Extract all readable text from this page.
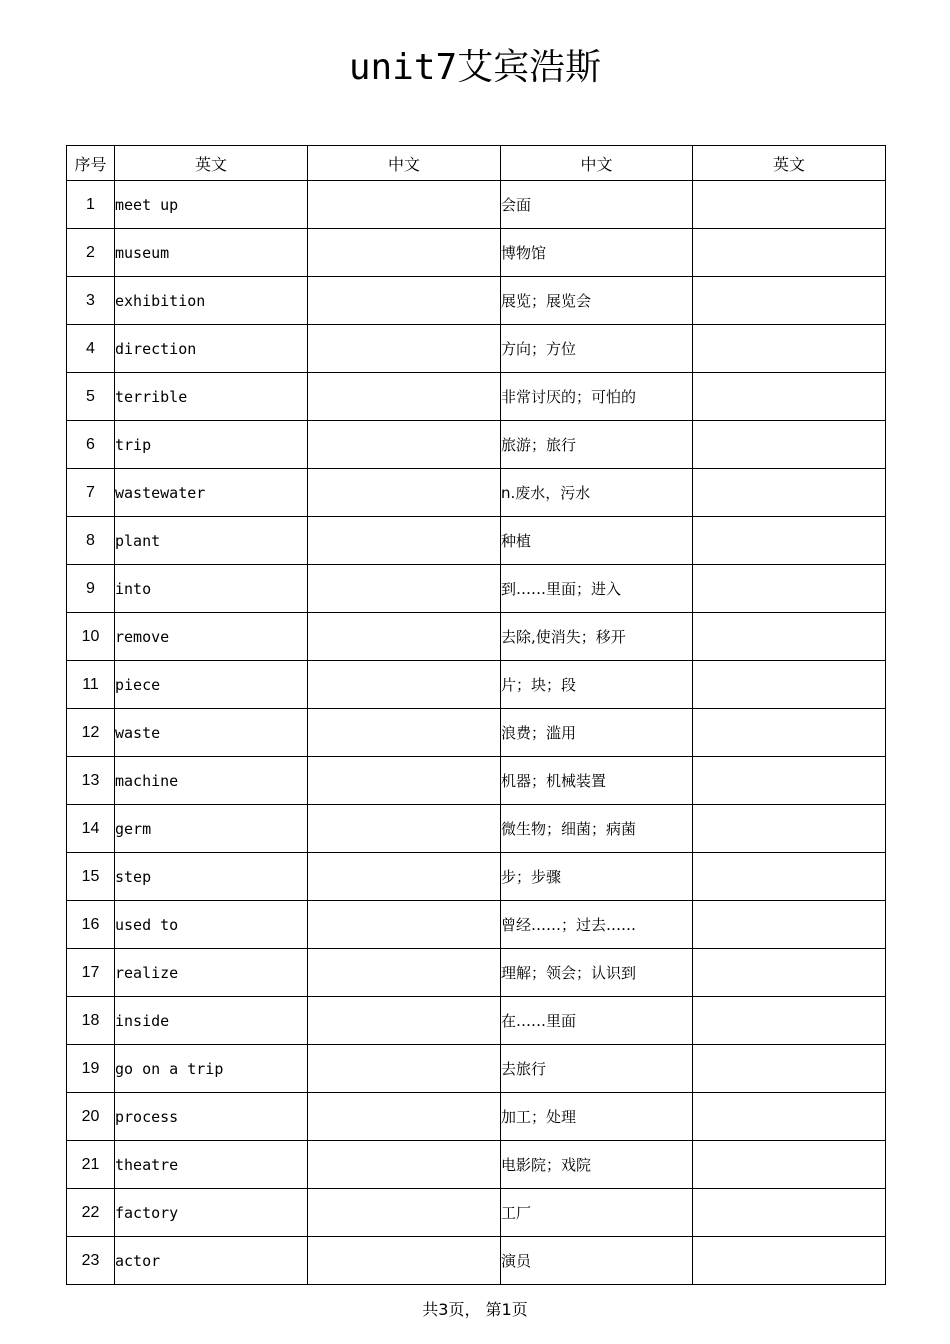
unit7艾宾浩斯
序号	英文	中文	中文	英文
1	meet up		会面	
2	museum		博物馆	
3	exhibition		展览；展览会	
4	direction		方向；方位	
5	terrible		非常讨厌的；可怕的	
6	trip		旅游；旅行	
7	wastewater		n.废水，污水	
8	plant		种植	
9	into		到……里面；进入	
10	remove		去除,使消失；移开	
11	piece		片；块；段	
12	waste		浪费；滥用	
13	machine		机器；机械装置	
14	germ		微生物；细菌；病菌	
15	step		步；步骤	
16	used to		曾经……；过去……	
17	realize		理解；领会；认识到	
18	inside		在……里面	
19	go on a trip		去旅行	
20	process		加工；处理	
21	theatre		电影院；戏院	
22	factory		工厂	
23	actor		演员	
共3页， 第1页
